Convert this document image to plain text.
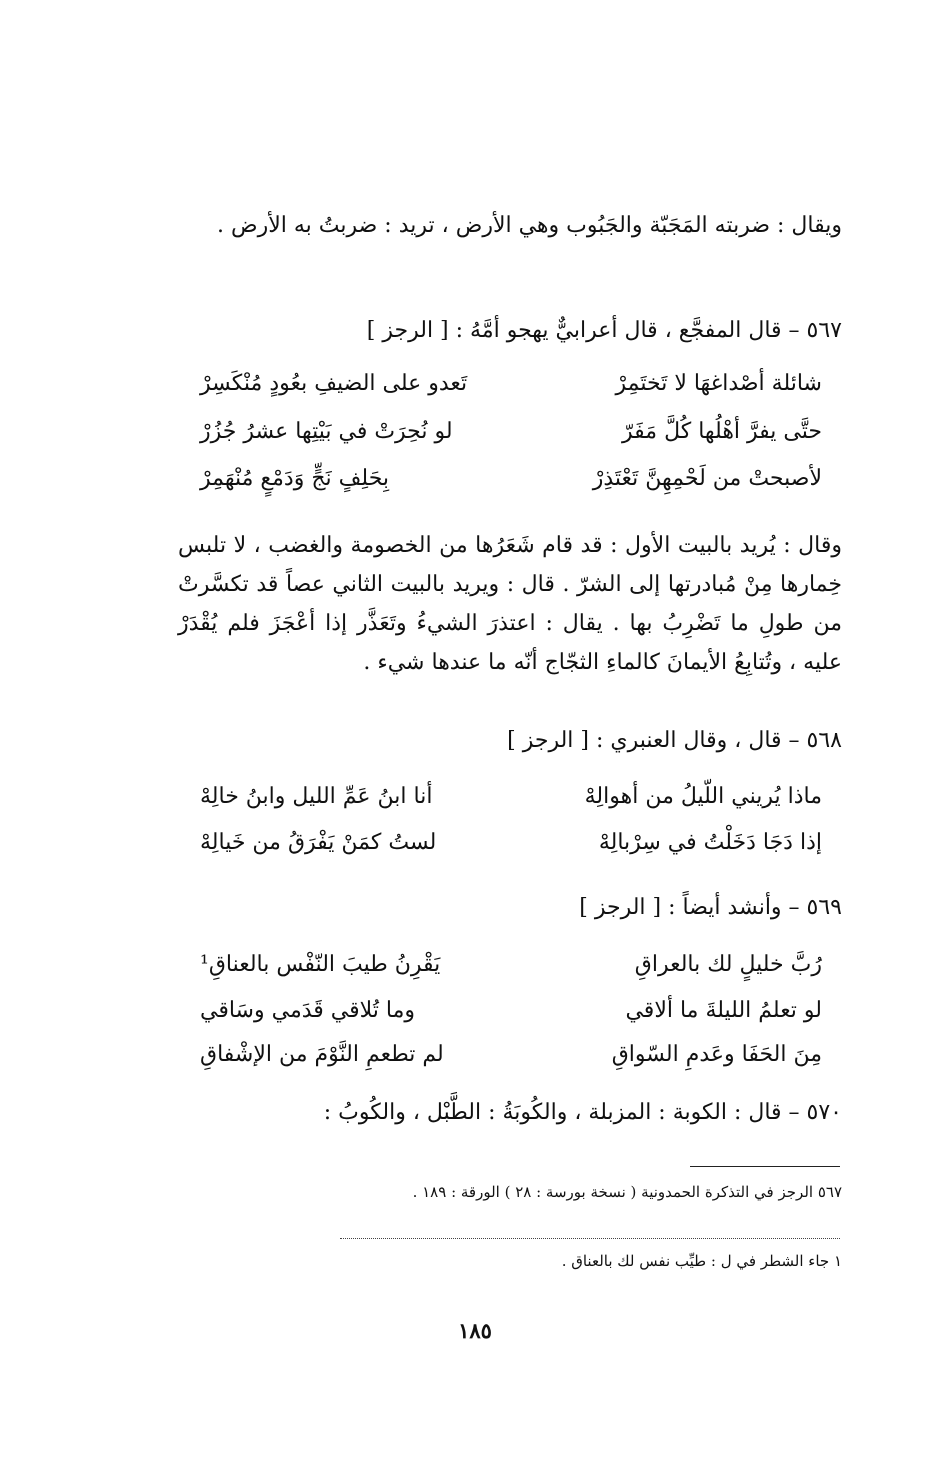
ويقال : ضربته المَجَبّة والجَبُوب وهي الأرض ، تريد : ضربتُ به الأرض .
٥٦٧ – قال المفجَّع ، قال أعرابيٌّ يهجو أمَّهُ : [ الرجز ]
شائلة أصْداغهَا لا تَختَمِرْ
تَعدو على الضيفِ بعُودٍ مُنْكَسِرْ
حتَّى يفرَّ أهْلُها كُلَّ مَفَرّ
لو نُحِرَتْ في بَيْتِها عشرُ جُزُرْ
لأصبحتْ من لَحْمِهِنَّ تَعْتَذِرْ
بِحَلِفٍ نَجٍّ وَدَمْعٍ مُنْهَمِرْ
وقال : يُريد بالبيت الأول : قد قام شَعَرُها من الخصومة والغضب ، لا تلبس خِمارها مِنْ مُبادرتها إلى الشرّ . قال : ويريد بالبيت الثاني عصاً قد تكسَّرتْ من طولِ ما تَضْرِبُ بها . يقال : اعتذرَ الشيءُ وتَعَذَّر إذا أعْجَزَ فلم يُقْدَرْ عليه ، وتُتابِعُ الأيمانَ كالماءِ الثجّاج أنّه ما عندها شيء .
٥٦٨ – قال ، وقال العنبري : [ الرجز ]
ماذا يُريني اللّيلُ من أهوالِهْ
أنا ابنُ عَمِّ الليل وابنُ خالِهْ
إذا دَجَا دَخَلْتُ في سِرْبالِهْ
لستُ كمَنْ يَفْرَقُ من خَيالِهْ
٥٦٩ – وأنشد أيضاً : [ الرجز ]
رُبَّ خليلٍ لك بالعراقِ
يَقْرِنُ طيبَ النّفْس بالعناقِ¹
لو تعلمُ الليلةَ ما ألاقي
وما تُلاقي قَدَمي وسَاقي
مِنَ الحَفَا وعَدمِ السّواقِ
لم تطعمِ النَّوْمَ من الإشْفاقِ
٥٧٠ – قال : الكوبة : المزبلة ، والكُوبَةُ : الطَّبْل ، والكُوبُ :
٥٦٧ الرجز في التذكرة الحمدونية ( نسخة بورسة : ٢٨ ) الورقة : ١٨٩ .
١ جاء الشطر في ل : طيِّب نفس لك بالعناق .
١٨٥
